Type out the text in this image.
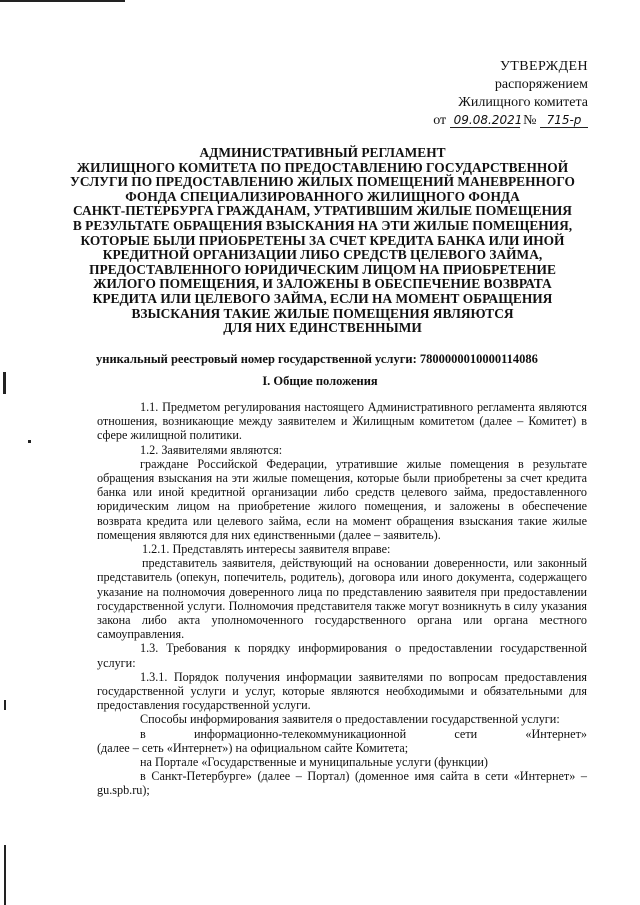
УТВЕРЖДЕН
распоряжением
Жилищного комитета
от 09.08.2021 № 715-р
АДМИНИСТРАТИВНЫЙ РЕГЛАМЕНТ
ЖИЛИЩНОГО КОМИТЕТА ПО ПРЕДОСТАВЛЕНИЮ ГОСУДАРСТВЕННОЙ
УСЛУГИ ПО ПРЕДОСТАВЛЕНИЮ ЖИЛЫХ ПОМЕЩЕНИЙ МАНЕВРЕННОГО
ФОНДА СПЕЦИАЛИЗИРОВАННОГО ЖИЛИЩНОГО ФОНДА
САНКТ-ПЕТЕРБУРГА ГРАЖДАНАМ, УТРАТИВШИМ ЖИЛЫЕ ПОМЕЩЕНИЯ
В РЕЗУЛЬТАТЕ ОБРАЩЕНИЯ ВЗЫСКАНИЯ НА ЭТИ ЖИЛЫЕ ПОМЕЩЕНИЯ,
КОТОРЫЕ БЫЛИ ПРИОБРЕТЕНЫ ЗА СЧЕТ КРЕДИТА БАНКА ИЛИ ИНОЙ
КРЕДИТНОЙ ОРГАНИЗАЦИИ ЛИБО СРЕДСТВ ЦЕЛЕВОГО ЗАЙМА,
ПРЕДОСТАВЛЕННОГО ЮРИДИЧЕСКИМ ЛИЦОМ НА ПРИОБРЕТЕНИЕ
ЖИЛОГО ПОМЕЩЕНИЯ, И ЗАЛОЖЕНЫ В ОБЕСПЕЧЕНИЕ ВОЗВРАТА
КРЕДИТА ИЛИ ЦЕЛЕВОГО ЗАЙМА, ЕСЛИ НА МОМЕНТ ОБРАЩЕНИЯ
ВЗЫСКАНИЯ ТАКИЕ ЖИЛЫЕ ПОМЕЩЕНИЯ ЯВЛЯЮТСЯ
ДЛЯ НИХ ЕДИНСТВЕННЫМИ
уникальный реестровый номер государственной услуги: 7800000010000114086
I. Общие положения

1.1. Предметом регулирования настоящего Административного регламента являются отношения, возникающие между заявителем и Жилищным комитетом (далее – Комитет) в сфере жилищной политики.

1.2. Заявителями являются:

граждане Российской Федерации, утратившие жилые помещения в результате обращения взыскания на эти жилые помещения, которые были приобретены за счет кредита банка или иной кредитной организации либо средств целевого займа, предоставленного юридическим лицом на приобретение жилого помещения, и заложены в обеспечение возврата кредита или целевого займа, если на момент обращения взыскания такие жилые помещения являются для них единственными (далее – заявитель).

1.2.1. Представлять интересы заявителя вправе:

представитель заявителя, действующий на основании доверенности, или законный представитель (опекун, попечитель, родитель), договора или иного документа, содержащего указание на полномочия доверенного лица по представлению заявителя при предоставлении государственной услуги. Полномочия представителя также могут возникнуть в силу указания закона либо акта уполномоченного государственного органа или органа местного самоуправления.

1.3. Требования к порядку информирования о предоставлении государственной услуги:

1.3.1. Порядок получения информации заявителями по вопросам предоставления государственной услуги и услуг, которые являются необходимыми и обязательными для предоставления государственной услуги.

Способы информирования заявителя о предоставлении государственной услуги:

в информационно-телекоммуникационной сети «Интернет»

(далее – сеть «Интернет») на официальном сайте Комитета;

на Портале «Государственные и муниципальные услуги (функции)

в Санкт-Петербурге» (далее – Портал) (доменное имя сайта в сети «Интернет» – gu.spb.ru);
